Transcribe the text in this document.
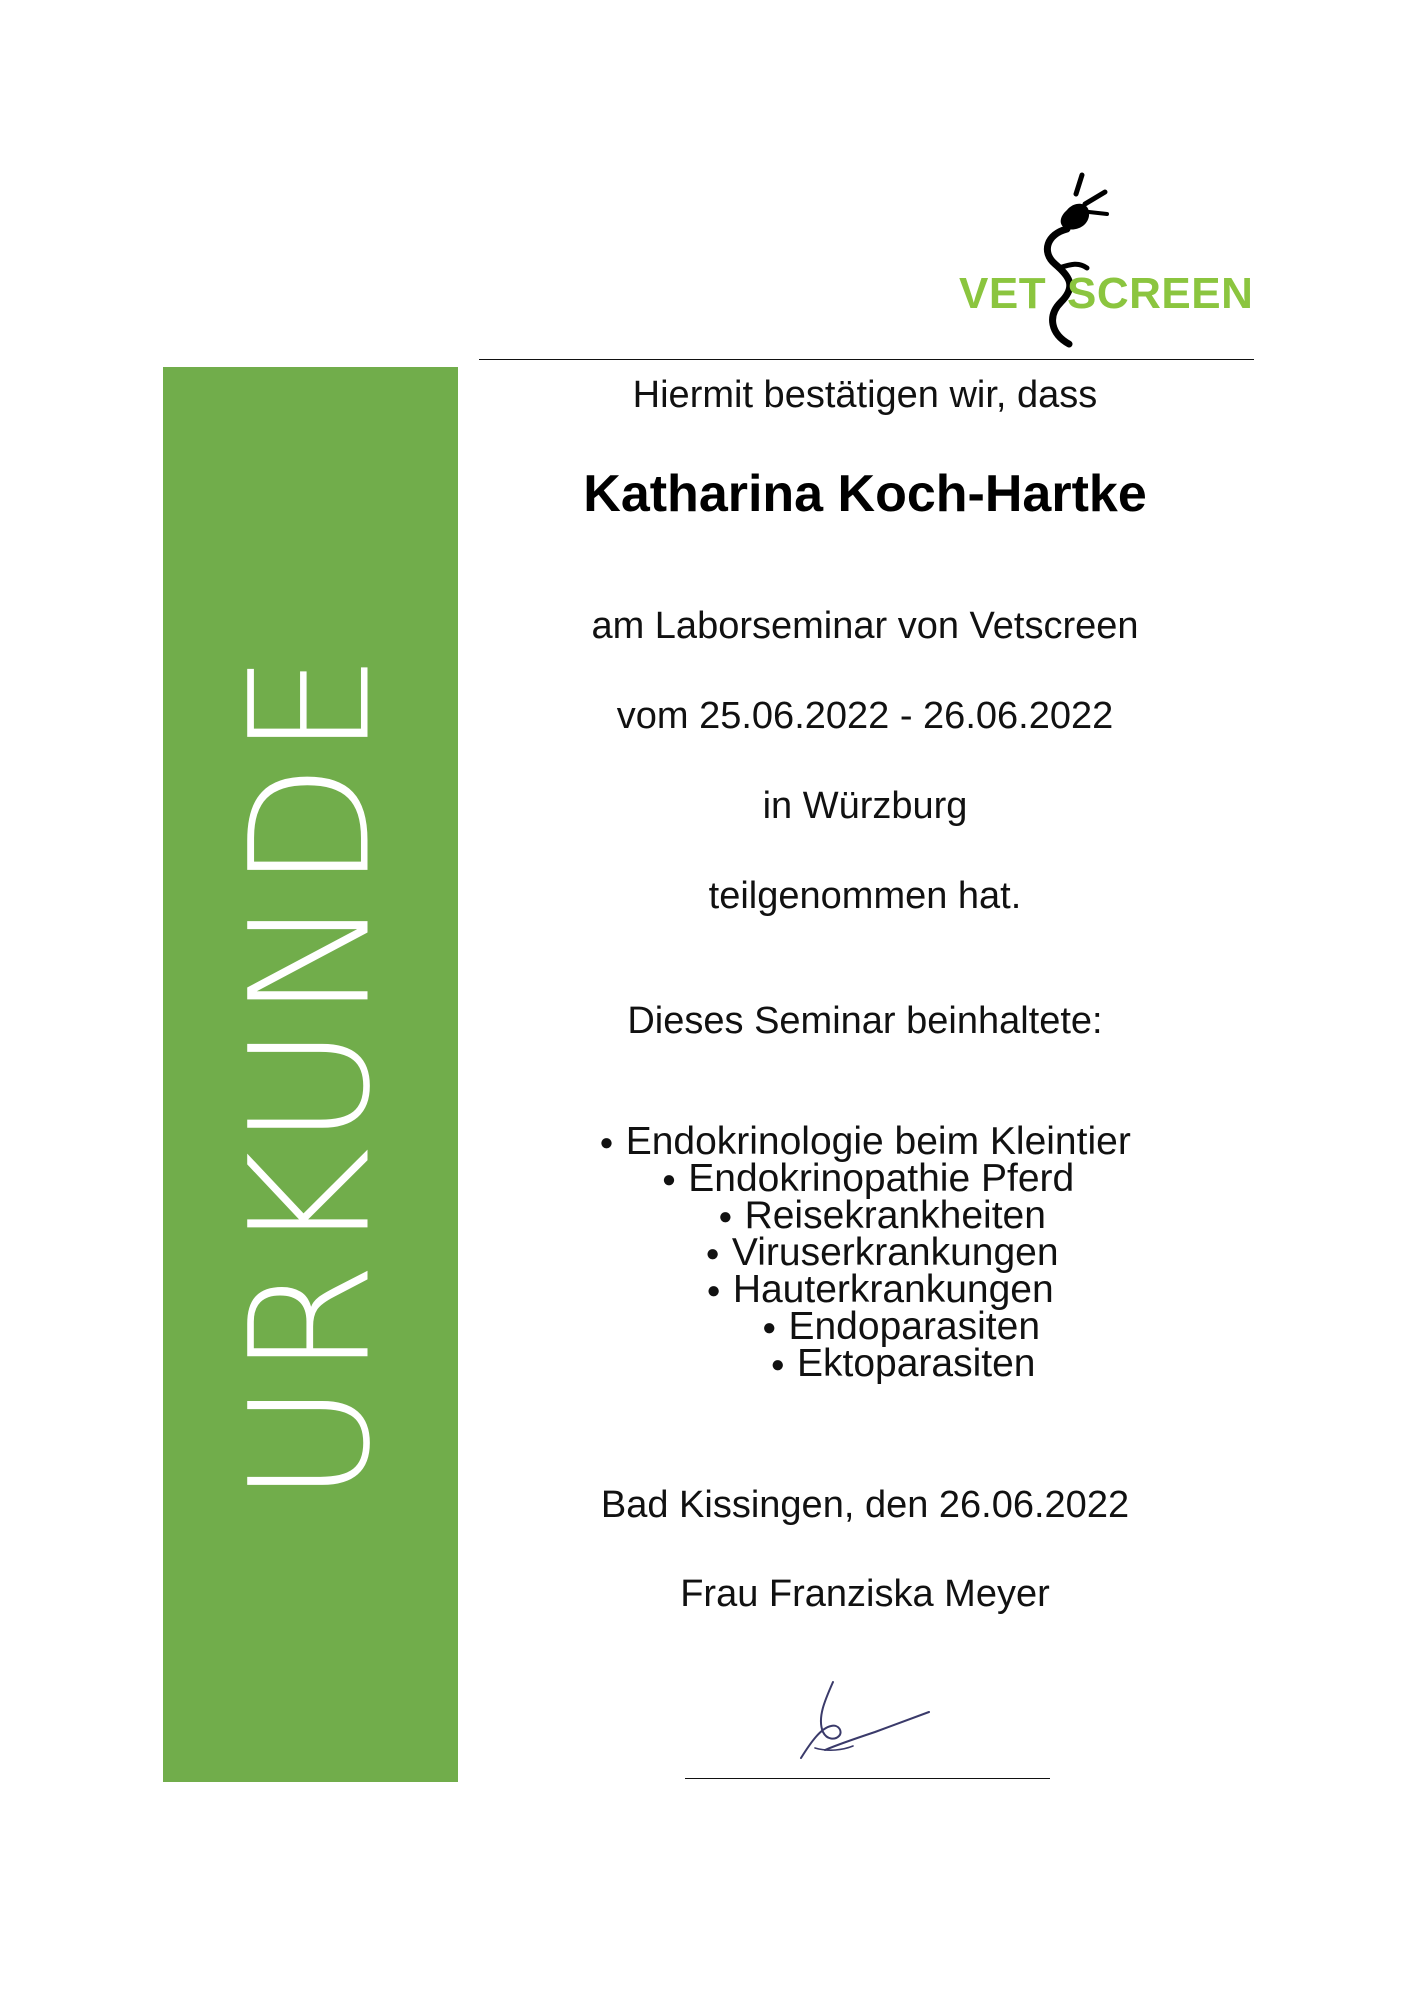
VET SCREEN
URKUNDE
Hiermit bestätigen wir, dass
Katharina Koch-Hartke
am Laborseminar von Vetscreen
vom 25.06.2022 - 26.06.2022
in Würzburg
teilgenommen hat.
Dieses Seminar beinhaltete:
● Endokrinologie beim Kleintier
● Endokrinopathie Pferd
● Reisekrankheiten
● Viruserkrankungen
● Hauterkrankungen
● Endoparasiten
● Ektoparasiten
Bad Kissingen, den 26.06.2022
Frau Franziska Meyer
